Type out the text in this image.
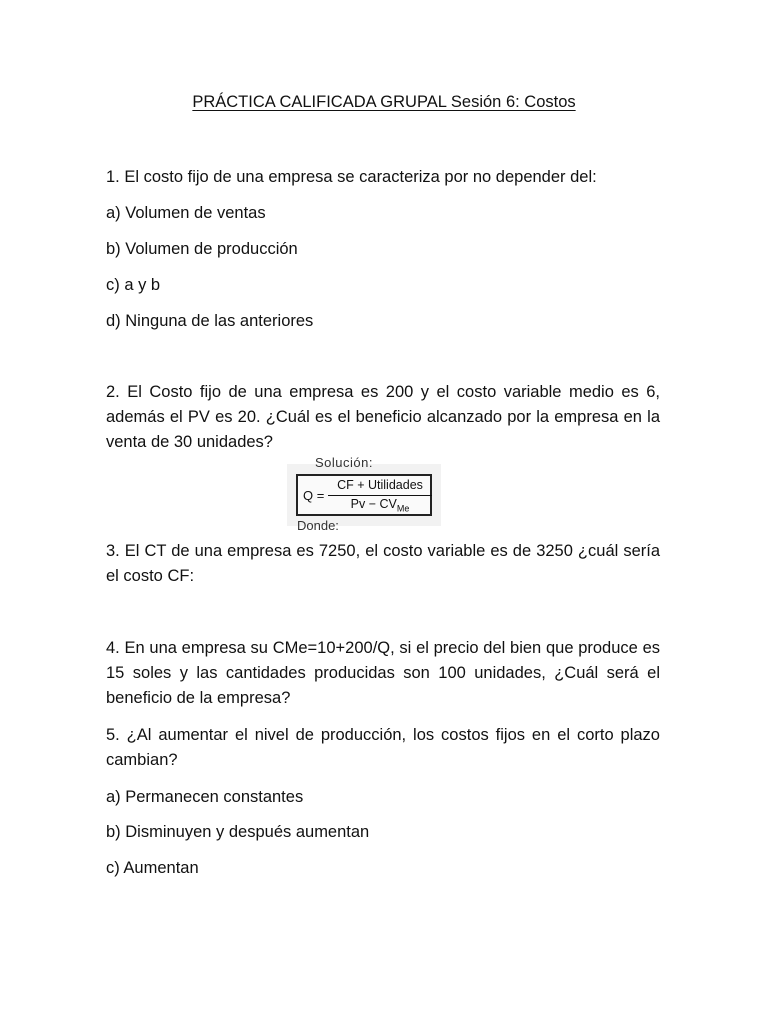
PRÁCTICA CALIFICADA GRUPAL Sesión 6: Costos
1. El costo fijo de una empresa se caracteriza por no depender del:
a) Volumen de ventas
b) Volumen de producción
c) a y b
d) Ninguna de las anteriores
2. El Costo fijo de una empresa es 200 y el costo variable medio es 6, además el PV es 20. ¿Cuál es el beneficio alcanzado por la empresa en la venta de 30 unidades?
Solución:
Q =
CF + Utilidades
$Pv - CV_{Me}$
Donde:
3. El CT de una empresa es 7250, el costo variable es de 3250 ¿cuál sería el costo CF:
4. En una empresa su CMe=10+200/Q, si el precio del bien que produce es 15 soles y las cantidades producidas son 100 unidades, ¿Cuál será el beneficio de la empresa?
5. ¿Al aumentar el nivel de producción, los costos fijos en el corto plazo cambian?
a) Permanecen constantes
b) Disminuyen y después aumentan
c) Aumentan
